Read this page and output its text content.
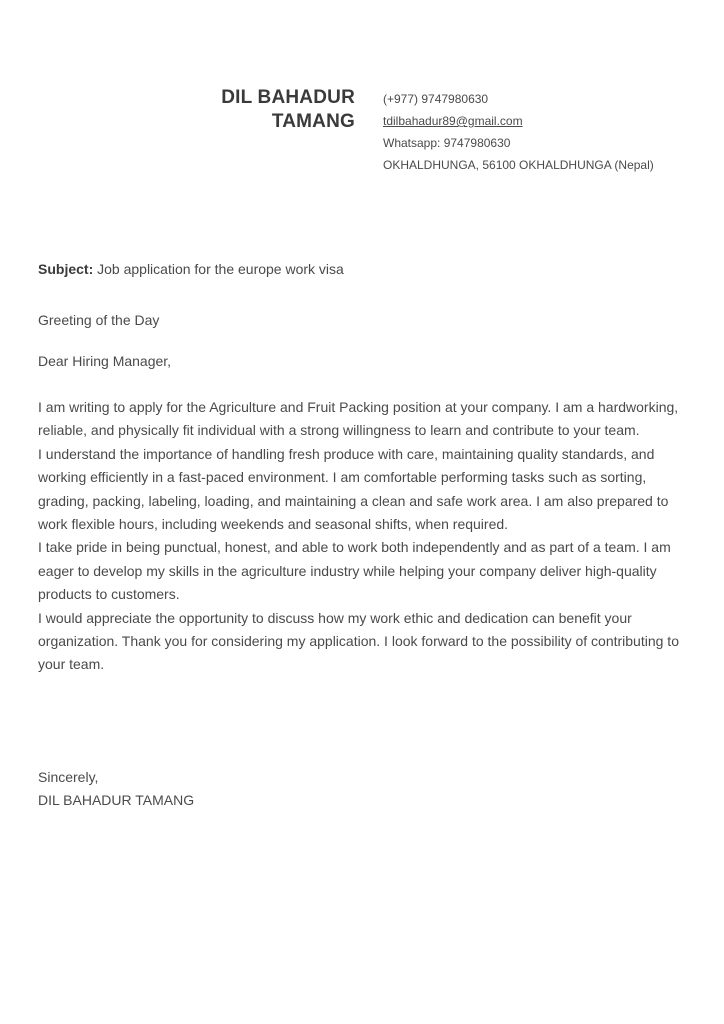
DIL BAHADUR
TAMANG
(+977) 9747980630
tdilbahadur89@gmail.com
Whatsapp: 9747980630
OKHALDHUNGA, 56100 OKHALDHUNGA (Nepal)
Subject: Job application for the europe work visa
Greeting of the Day
Dear Hiring Manager,

I am writing to apply for the Agriculture and Fruit Packing position at your company. I am a hardworking, reliable, and physically fit individual with a strong willingness to learn and contribute to your team.

I understand the importance of handling fresh produce with care, maintaining quality standards, and working efficiently in a fast-paced environment. I am comfortable performing tasks such as sorting, grading, packing, labeling, loading, and maintaining a clean and safe work area. I am also prepared to work flexible hours, including weekends and seasonal shifts, when required.

I take pride in being punctual, honest, and able to work both independently and as part of a team. I am eager to develop my skills in the agriculture industry while helping your company deliver high-quality products to customers.

I would appreciate the opportunity to discuss how my work ethic and dedication can benefit your organization. Thank you for considering my application. I look forward to the possibility of contributing to your team.

Sincerely,
DIL BAHADUR TAMANG
